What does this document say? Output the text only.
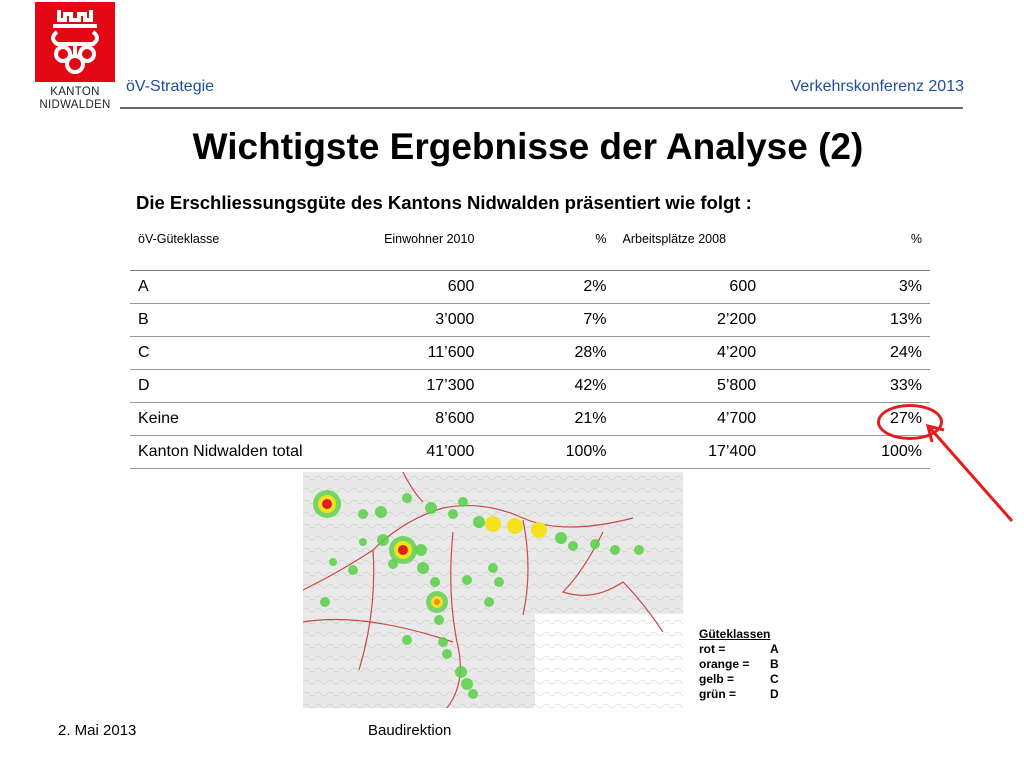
KANTON
NIDWALDEN
öV-Strategie	Verkehrskonferenz 2013
Wichtigste Ergebnisse der Analyse (2)
Die Erschliessungsgüte des Kantons Nidwalden präsentiert wie folgt :
öV-Güteklasse	Einwohner 2010	%	Arbeitsplätze 2008	%
A	600	2%	600	3%
B	3’000	7%	2’200	13%
C	11’600	28%	4’200	24%
D	17’300	42%	5’800	33%
Keine	8’600	21%	4’700	27%

Kanton Nidwalden total	41’000	100%	17’400	100%
Güteklassen
rot =	A
orange =	B
gelb =	C
grün =	D
2. Mai 2013	Baudirektion
